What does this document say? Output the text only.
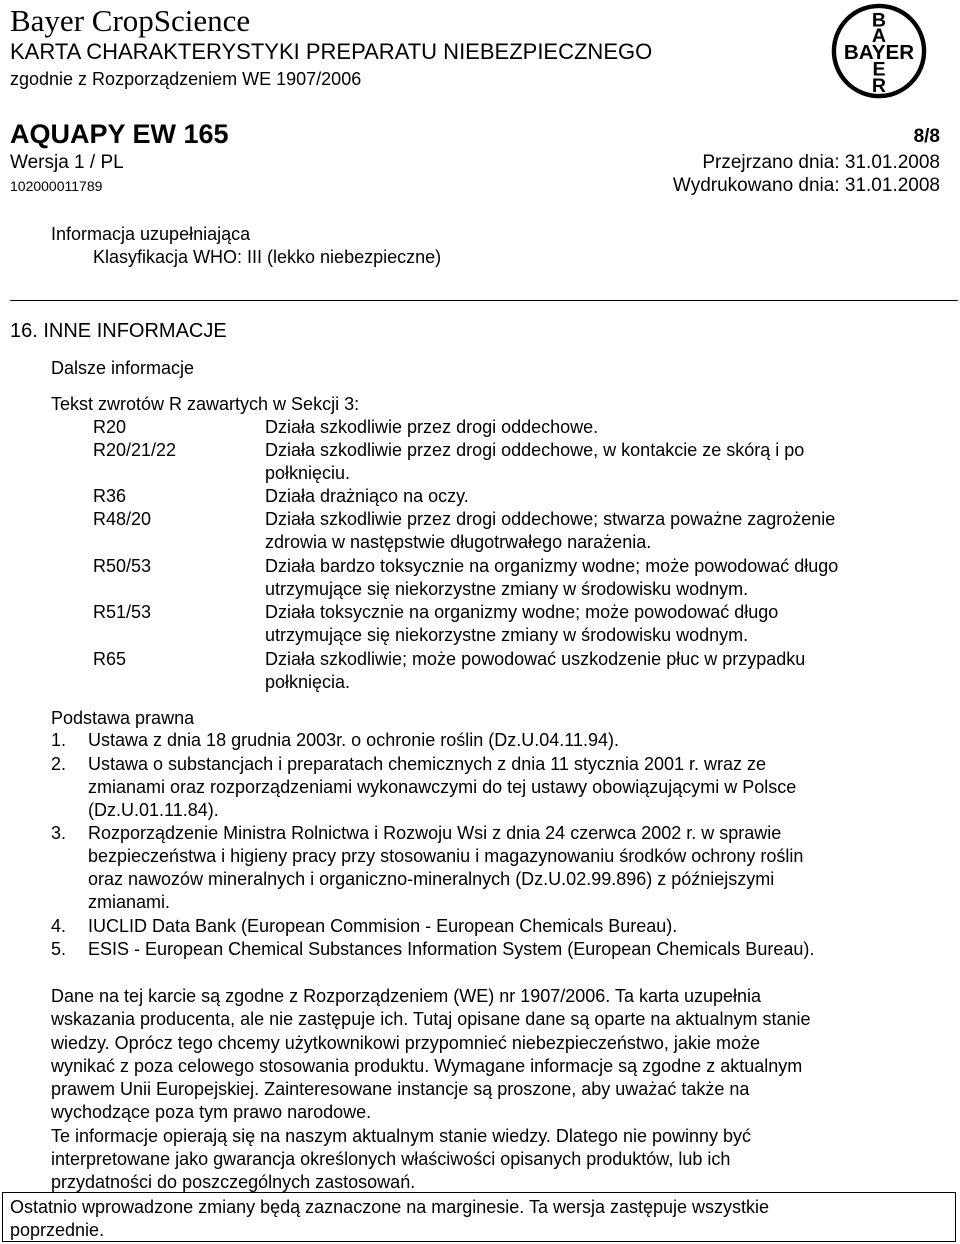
Bayer CropScience
KARTA CHARAKTERYSTYKI PREPARATU NIEBEZPIECZNEGO
zgodnie z Rozporządzeniem WE 1907/2006
B
A
BAYER
E
R
AQUAPY EW 165	8/8
Wersja 1 / PL	Przejrzano dnia: 31.01.2008
102000011789	Wydrukowano dnia: 31.01.2008
Informacja uzupełniająca
Klasyfikacja WHO: III (lekko niebezpieczne)
16. INNE INFORMACJE
Dalsze informacje
Tekst zwrotów R zawartych w Sekcji 3:
R20	Działa szkodliwie przez drogi oddechowe.
R20/21/22	Działa szkodliwie przez drogi oddechowe, w kontakcie ze skórą i po
połknięciu.
R36	Działa drażniąco na oczy.
R48/20	Działa szkodliwie przez drogi oddechowe; stwarza poważne zagrożenie
zdrowia w następstwie długotrwałego narażenia.
R50/53	Działa bardzo toksycznie na organizmy wodne; może powodować długo
utrzymujące się niekorzystne zmiany w środowisku wodnym.
R51/53	Działa toksycznie na organizmy wodne; może powodować długo
utrzymujące się niekorzystne zmiany w środowisku wodnym.
R65	Działa szkodliwie; może powodować uszkodzenie płuc w przypadku
połknięcia.
Podstawa prawna
1. Ustawa z dnia 18 grudnia 2003r. o ochronie roślin (Dz.U.04.11.94).
2. Ustawa o substancjach i preparatach chemicznych z dnia 11 stycznia 2001 r. wraz ze
zmianami oraz rozporządzeniami wykonawczymi do tej ustawy obowiązującymi w Polsce
(Dz.U.01.11.84).
3. Rozporządzenie Ministra Rolnictwa i Rozwoju Wsi z dnia 24 czerwca 2002 r. w sprawie
bezpieczeństwa i higieny pracy przy stosowaniu i magazynowaniu środków ochrony roślin
oraz nawozów mineralnych i organiczno-mineralnych (Dz.U.02.99.896) z późniejszymi
zmianami.
4. IUCLID Data Bank (European Commision - European Chemicals Bureau).
5. ESIS - European Chemical Substances Information System (European Chemicals Bureau).
Dane na tej karcie są zgodne z Rozporządzeniem (WE) nr 1907/2006. Ta karta uzupełnia
wskazania producenta, ale nie zastępuje ich. Tutaj opisane dane są oparte na aktualnym stanie
wiedzy. Oprócz tego chcemy użytkownikowi przypomnieć niebezpieczeństwo, jakie może
wynikać z poza celowego stosowania produktu. Wymagane informacje są zgodne z aktualnym
prawem Unii Europejskiej. Zainteresowane instancje są proszone, aby uważać także na
wychodzące poza tym prawo narodowe.
Te informacje opierają się na naszym aktualnym stanie wiedzy. Dlatego nie powinny być
interpretowane jako gwarancja określonych właściwości opisanych produktów, lub ich
przydatności do poszczególnych zastosowań.
Ostatnio wprowadzone zmiany będą zaznaczone na marginesie. Ta wersja zastępuje wszystkie
poprzednie.
